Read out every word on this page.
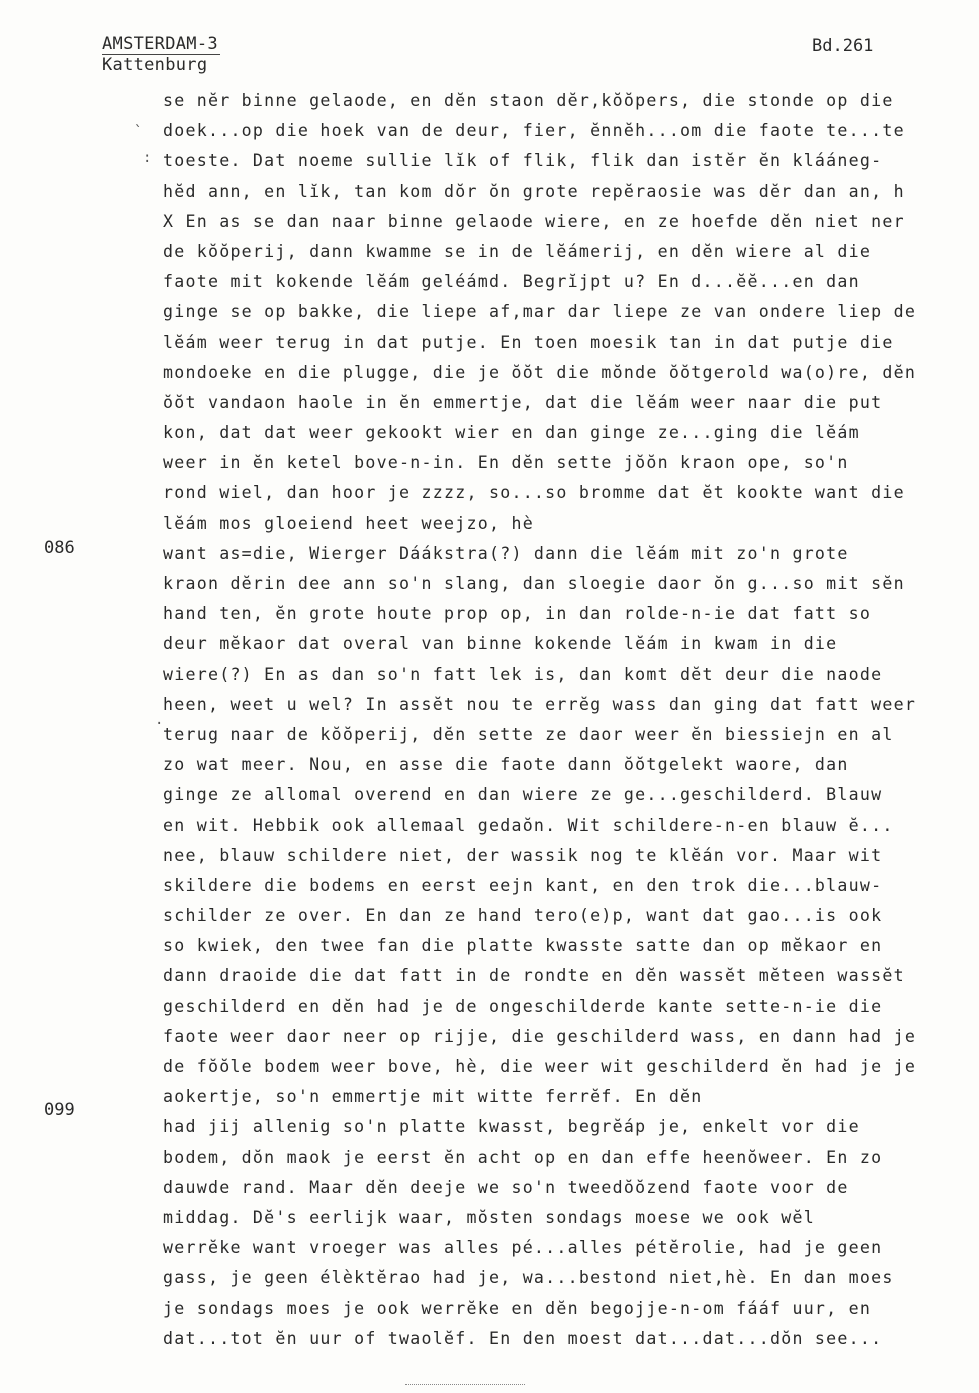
AMSTERDAM-3
Kattenburg
Bd.261
086
099
`
:
·
se nĕr binne gelaode, en dĕn staon dĕr,kŏŏpers, die stonde op die
doek...op die hoek van de deur, fier, ĕnnĕh...om die faote te...te
toeste. Dat noeme sullie lĭk of flik, flik dan istĕr ĕn klááneg-
hĕd ann, en lĭk, tan kom dŏr ŏn grote repĕraosie was dĕr dan an, h
X En as se dan naar binne gelaode wiere, en ze hoefde dĕn niet ner
de kŏŏperij, dann kwamme se in de lĕámerij, en dĕn wiere al die
faote mit kokende lĕám geléámd. Begrĭjpt u? En d...ĕĕ...en dan
ginge se op bakke, die liepe af,mar dar liepe ze van ondere liep de
lĕám weer terug in dat putje. En toen moesik tan in dat putje die
mondoeke en die plugge, die je ŏŏt die mŏnde ŏŏtgerold wa(o)re, dĕn
ŏŏt vandaon haole in ĕn emmertje, dat die lĕám weer naar die put
kon, dat dat weer gekookt wier en dan ginge ze...ging die lĕám
weer in ĕn ketel bove-n-in. En dĕn sette jŏŏn kraon ope, so'n
rond wiel, dan hoor je zzzz, so...so bromme dat ĕt kookte want die
lĕám mos gloeiend heet weejzo, hè
want as=die, Wierger Dáákstra(?) dann die lĕám mit zo'n grote
kraon dĕrin dee ann so'n slang, dan sloegie daor ŏn g...so mit sĕn
hand ten, ĕn grote houte prop op, in dan rolde-n-ie dat fatt so
deur mĕkaor dat overal van binne kokende lĕám in kwam in die
wiere(?) En as dan so'n fatt lek is, dan komt dĕt deur die naode
heen, weet u wel? In assĕt nou te errĕg wass dan ging dat fatt weer
terug naar de kŏŏperij, dĕn sette ze daor weer ĕn biessiejn en al
zo wat meer. Nou, en asse die faote dann ŏŏtgelekt waore, dan
ginge ze allomal overend en dan wiere ze ge...geschilderd. Blauw
en wit. Hebbik ook allemaal gedaŏn. Wit schildere-n-en blauw ĕ...
nee, blauw schildere niet, der wassik nog te klĕán vor. Maar wit
skildere die bodems en eerst eejn kant, en den trok die...blauw-
schilder ze over. En dan ze hand tero(e)p, want dat gao...is ook
so kwiek, den twee fan die platte kwasste satte dan op mĕkaor en
dann draoide die dat fatt in de rondte en dĕn wassĕt mĕteen wassĕt
geschilderd en dĕn had je de ongeschilderde kante sette-n-ie die
faote weer daor neer op rijje, die geschilderd wass, en dann had je
de fŏŏle bodem weer bove, hè, die weer wit geschilderd ĕn had je je
aokertje, so'n emmertje mit witte ferrĕf. En dĕn
had jij allenig so'n platte kwasst, begrĕáp je, enkelt vor die
bodem, dŏn maok je eerst ĕn acht op en dan effe heenŏweer. En zo
dauwde rand. Maar dĕn deeje we so'n tweedŏŏzend faote voor de
middag. Dĕ's eerlijk waar, mŏsten sondags moese we ook wĕl
werrĕke want vroeger was alles pé...alles pétĕrolie, had je geen
gass, je geen élèktĕrao had je, wa...bestond niet,hè. En dan moes
je sondags moes je ook werrĕke en dĕn begojje-n-om fááf uur, en
dat...tot ĕn uur of twaolĕf. En den moest dat...dat...dŏn see...
